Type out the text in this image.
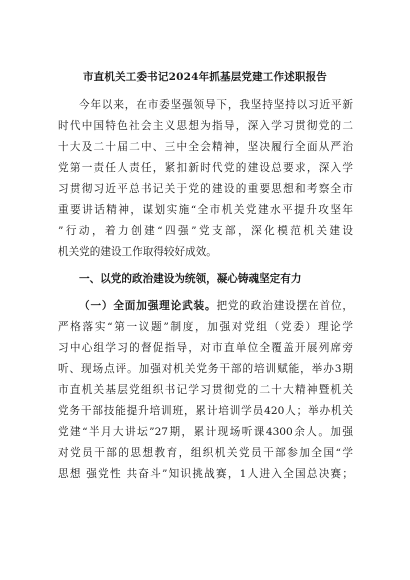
市直机关工委书记2024年抓基层党建工作述职报告
今年以来，在市委坚强领导下，我坚持坚持以习近平新
时代中国特色社会主义思想为指导，深入学习贯彻党的二
十大及二十届二中、三中全会精神，坚决履行全面从严治
党第一责任人责任，紧扣新时代党的建设总要求，深入学
习贯彻习近平总书记关于党的建设的重要思想和考察全市
重要讲话精神，谋划实施“全市机关党建水平提升攻坚年
”行动，着力创建“四强”党支部，深化模范机关建设
机关党的建设工作取得较好成效。
一、以党的政治建设为统领，凝心铸魂坚定有力
（一）全面加强理论武装。把党的政治建设摆在首位，
严格落实“第一议题”制度，加强对党组（党委）理论学
习中心组学习的督促指导，对市直单位全覆盖开展列席旁
听、现场点评。加强对机关党务干部的培训赋能，举办3期
市直机关基层党组织书记学习贯彻党的二十大精神暨机关
党务干部技能提升培训班，累计培训学员420人；举办机关
党建“半月大讲坛”27期，累计现场听课4300余人。加强
对党员干部的思想教育，组织机关党员干部参加全国“学
思想 强党性 共奋斗”知识挑战赛，1人进入全国总决赛；
